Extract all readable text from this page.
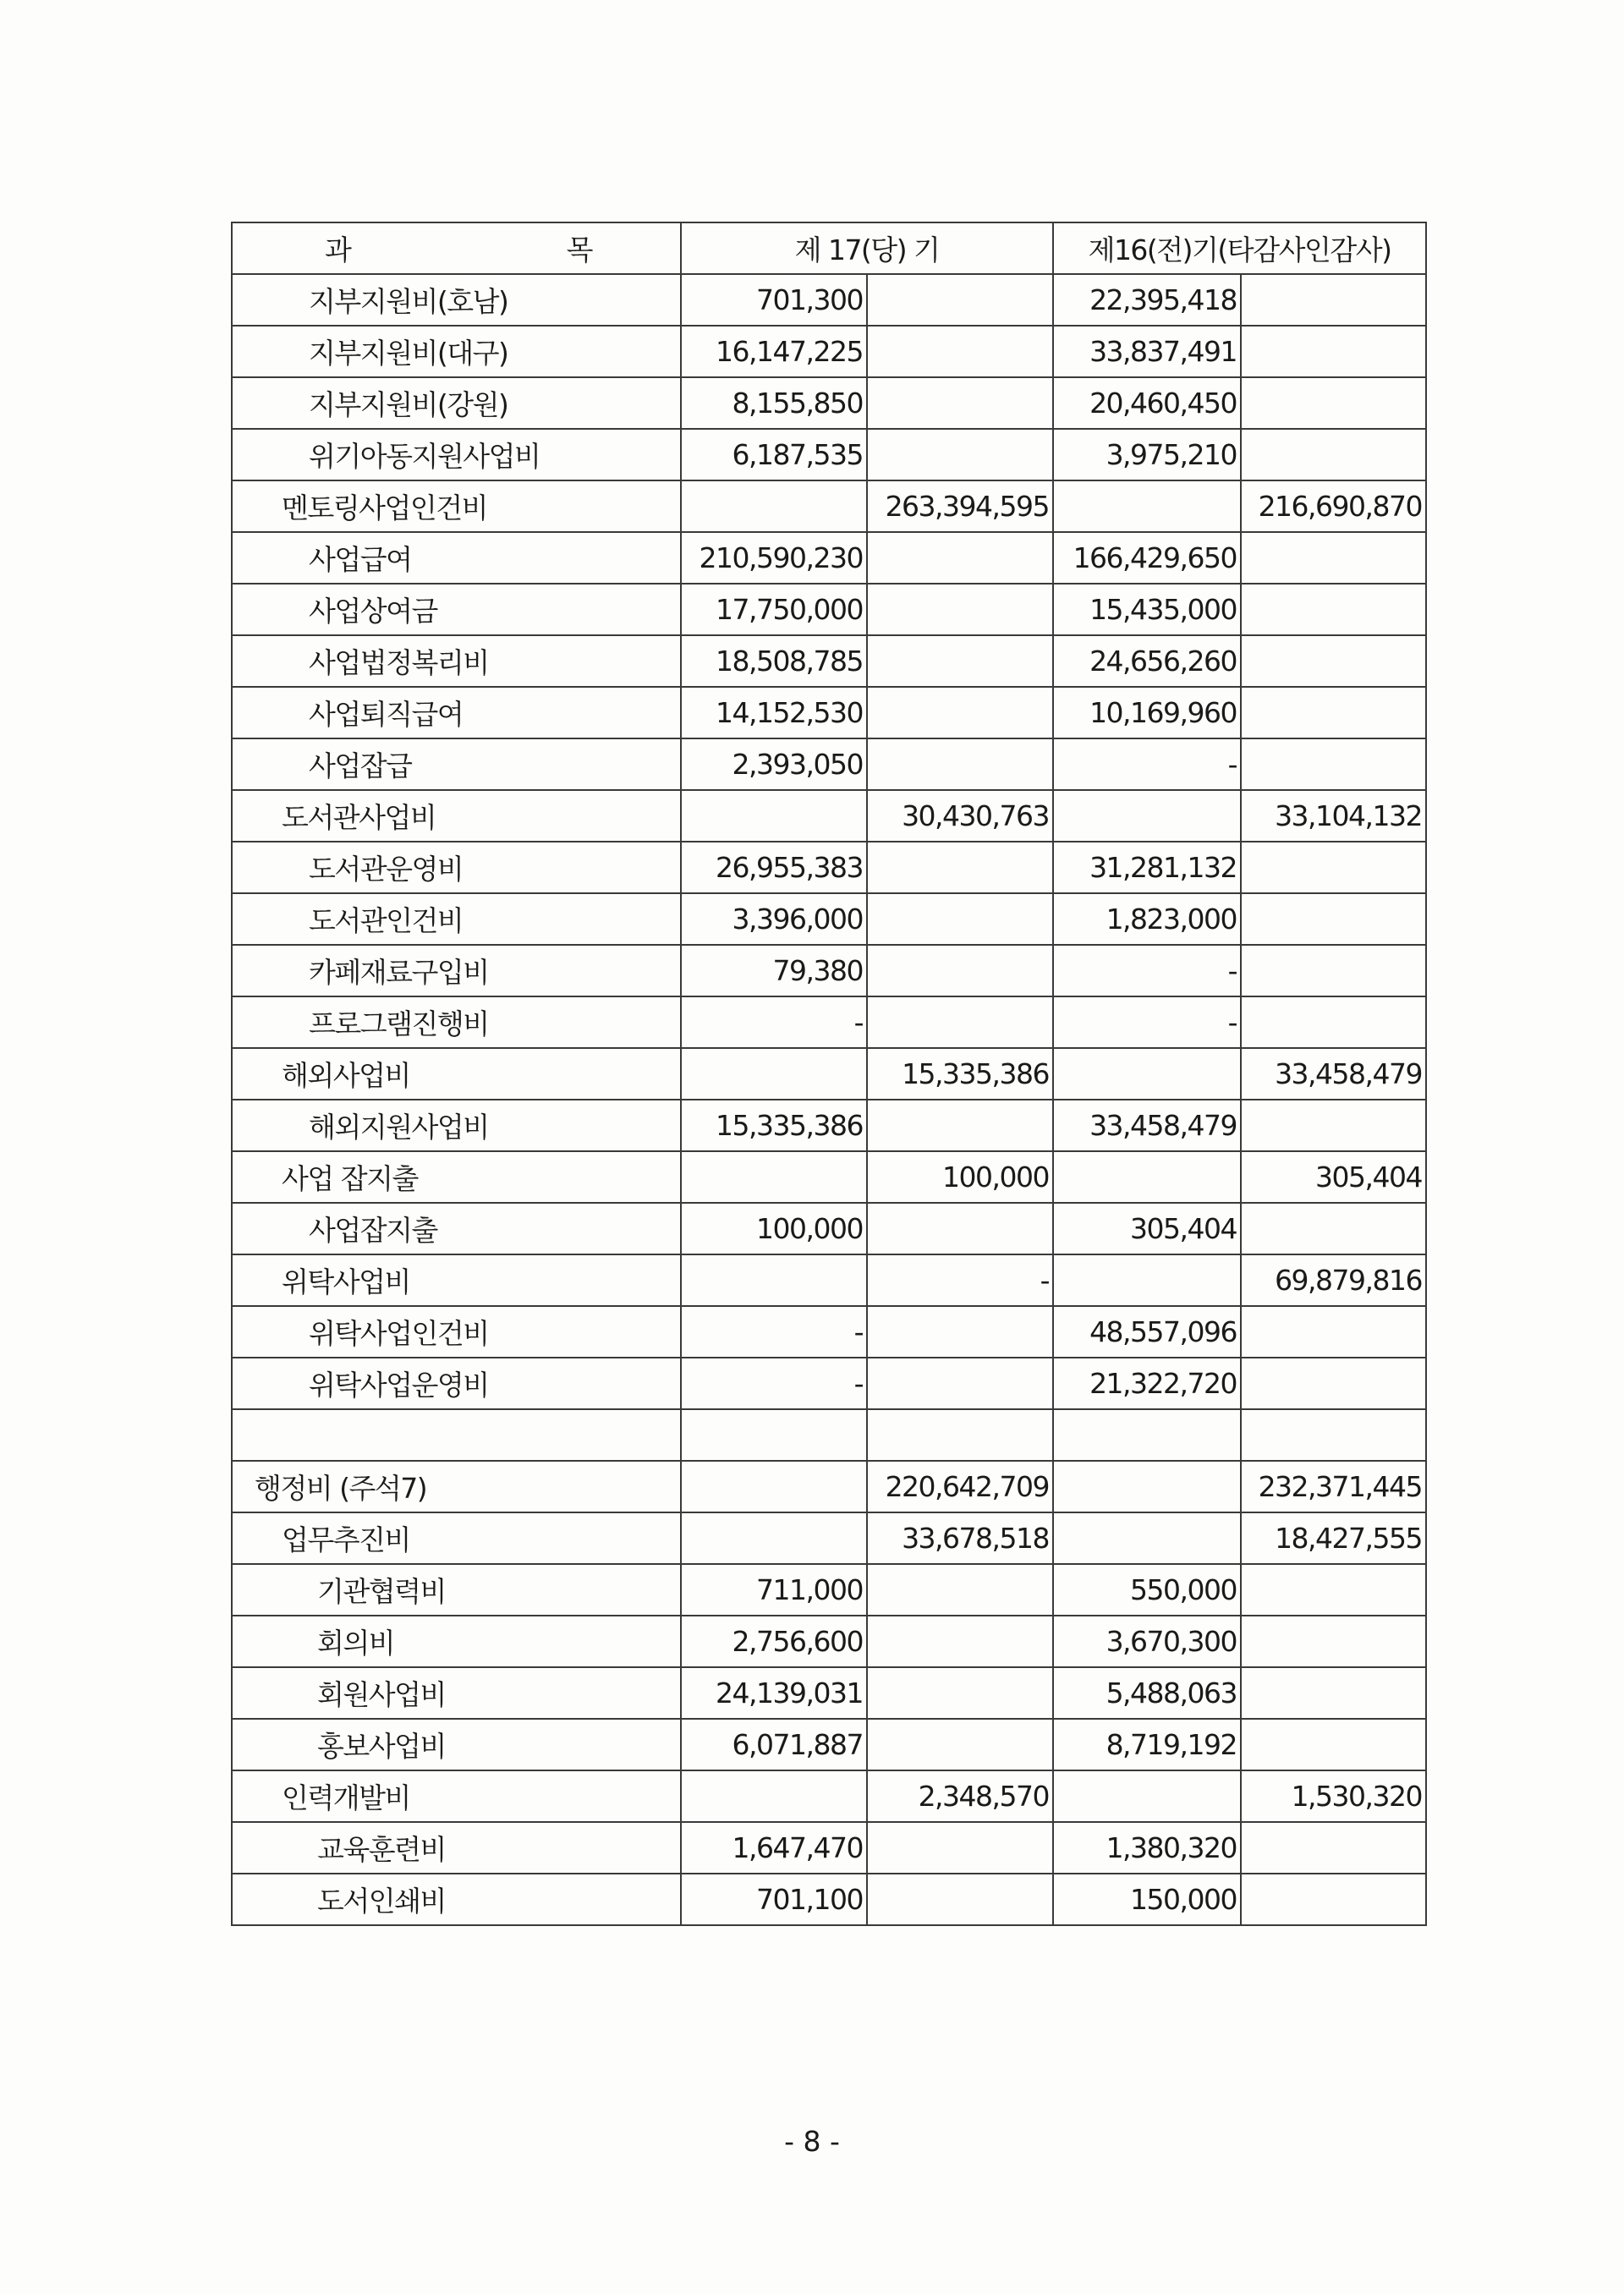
과 목	제 17(당) 기		제16(전)기(타감사인감사)	
지부지원비(호남)	701,300		22,395,418	
지부지원비(대구)	16,147,225		33,837,491	
지부지원비(강원)	8,155,850		20,460,450	
위기아동지원사업비	6,187,535		3,975,210	
멘토링사업인건비		263,394,595		216,690,870
사업급여	210,590,230		166,429,650	
사업상여금	17,750,000		15,435,000	
사업법정복리비	18,508,785		24,656,260	
사업퇴직급여	14,152,530		10,169,960	
사업잡급	2,393,050		-	
도서관사업비		30,430,763		33,104,132
도서관운영비	26,955,383		31,281,132	
도서관인건비	3,396,000		1,823,000	
카페재료구입비	79,380		-	
프로그램진행비	-		-	
해외사업비		15,335,386		33,458,479
해외지원사업비	15,335,386		33,458,479	
사업 잡지출		100,000		305,404
사업잡지출	100,000		305,404	
위탁사업비		-		69,879,816
위탁사업인건비	-		48,557,096	
위탁사업운영비	-		21,322,720	

행정비 (주석7)		220,642,709		232,371,445
업무추진비		33,678,518		18,427,555
기관협력비	711,000		550,000	
회의비	2,756,600		3,670,300	
회원사업비	24,139,031		5,488,063	
홍보사업비	6,071,887		8,719,192	
인력개발비		2,348,570		1,530,320
교육훈련비	1,647,470		1,380,320	
도서인쇄비	701,100		150,000	
- 8 -
